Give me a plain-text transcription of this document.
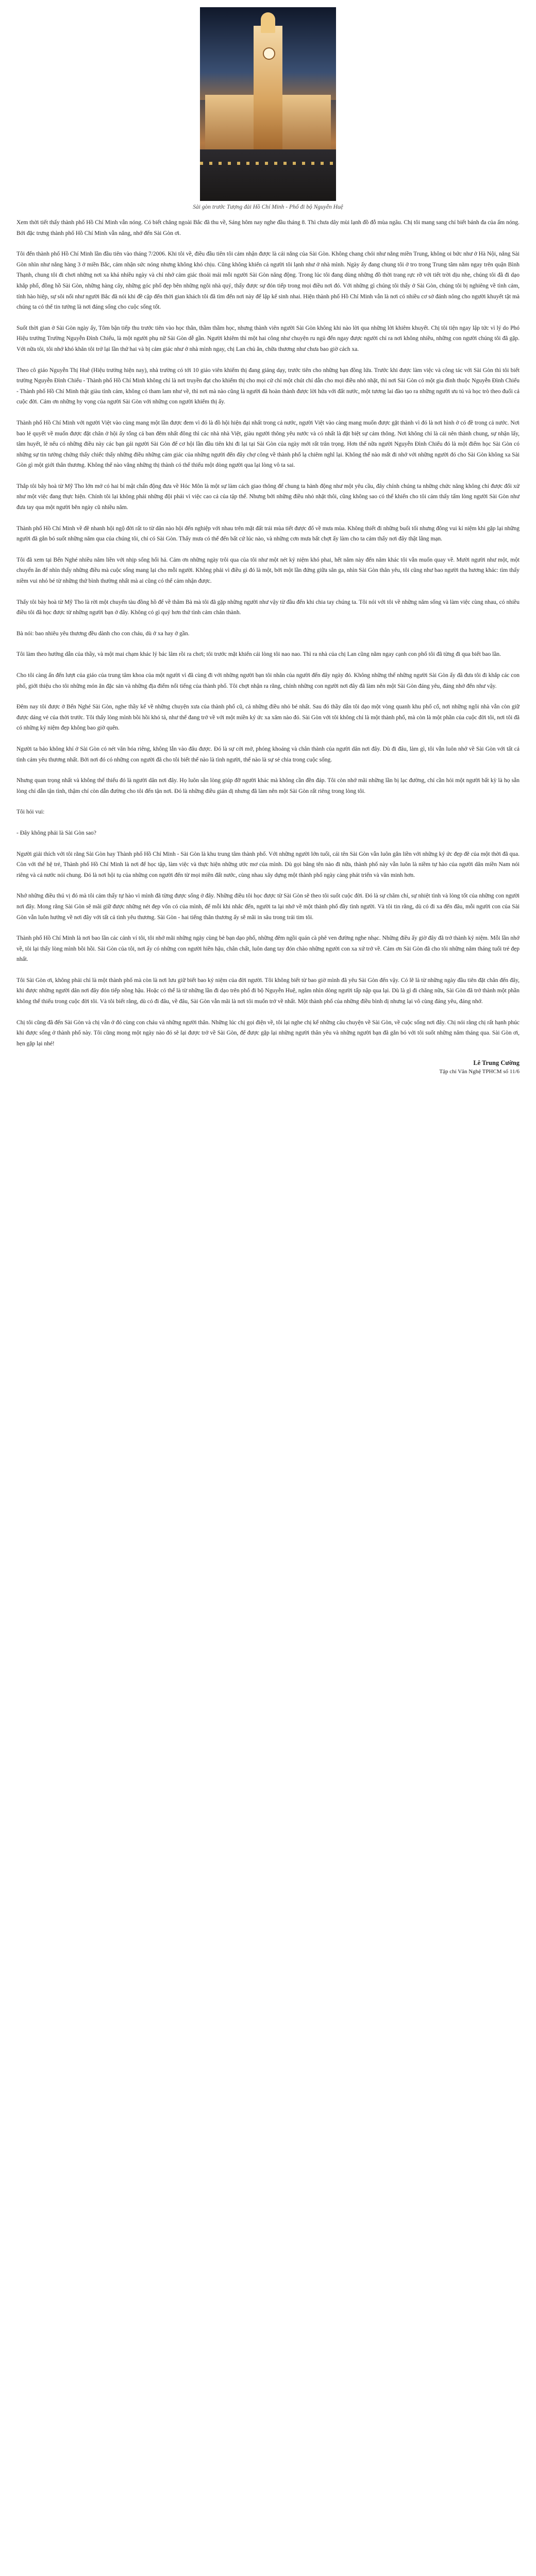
Sài gòn trước Tượng đài Hồ Chí Minh - Phố đi bộ Nguyễn Huệ

Xem thời tiết thấy thành phố Hồ Chí Minh vẫn nóng. Có biết chăng ngoài Bắc đã thu về, Sáng hôm nay nghe đầu tháng 8. Thì chưa dây mùi lạnh đồ đỗ mùa ngâu. Chị tôi mang sang chỉ biết bánh đa của ấm nóng. Bởi đặc trưng thành phố Hồ Chí Minh vẫn nắng, nhớ đến Sài Gòn ơi.

Tôi đến thành phố Hồ Chí Minh lần đầu tiên vào tháng 7/2006. Khi tôi về, điều đầu tiên tôi cảm nhận được là cái nắng của Sài Gòn. Không chang chói như nắng miền Trung, không oi bức như ở Hà Nội, nắng Sài Gòn nhìn như nắng hàng 3 ở miền Bắc, cảm nhận sức nóng nhưng không khó chịu. Cũng không khiến cả người tôi lạnh như ở nhà mình. Ngày ấy đang chung tôi ở tro trong Trung tâm nằm ngay trên quận Bình Thạnh, chung tôi đi chơi những nơi xa khá nhiều ngày và chỉ nhớ cảm giác thoải mái mỗi người Sài Gòn năng động. Trong lúc tôi đang dùng những đồ thời trang rực rỡ với tiết trời dịu nhẹ, chúng tôi đã đi dạo khắp phố, đồng hồ Sài Gòn, những hàng cây, những góc phố đẹp bên những ngôi nhà quý, thấy được sự đón tiếp trong mọi điều nơi đó. Với những gì chúng tôi thấy ở Sài Gòn, chúng tôi bị nghiêng về tình cảm, tính hào hiệp, sự sôi nổi như người Bắc đã nói khi đề cập đến thời gian khách tôi đã tìm đến nơi này để lập kế sinh nhai. Hiện thành phố Hồ Chí Minh vẫn là nơi có nhiều cơ sở đánh nông cho người khuyết tật mà chúng ta có thể tin tưởng là nơi đáng sống cho cuộc sống tốt.

Suốt thời gian ở Sài Gòn ngày ấy, Tôm bận tiếp thu trước tiên vào học thân, thầm thầm học, nhưng thành viên người Sài Gòn không khi nào lời qua những lời khiêm khuyết. Chị tôi tiện ngay lập tức vì lý do Phó Hiệu trưởng Trường Nguyễn Đình Chiểu, là một người phụ nữ Sài Gòn dễ gần. Người khiêm thì một hai công như chuyện ru ngủ đến ngay được người chỉ ra nơi không nhiều, những con người chúng tôi đã gặp. Với nữa tôi, tôi nhớ khó khăn tôi trở lại lần thứ hai và bị cảm giác như ở nhà mình ngay, chị Lan chủ ăn, chữa thương như chưa bao giờ cách xa.

Theo cô giáo Nguyễn Thị Huê (Hiệu trưởng hiện nay), nhà trường có tới 10 giáo viên khiếm thị đang giảng dạy, trước tiên cho những bạn đồng lứa. Trước khi được làm việc và công tác với Sài Gòn thì tôi biết trường Nguyễn Đình Chiểu - Thành phố Hồ Chí Minh không chỉ là nơi truyền đạt cho khiếm thị cho mọi cử chỉ một chút chỉ dẫn cho mọi điều nhỏ nhặt, thì nơi Sài Gòn có một gia đình thuộc Nguyễn Đình Chiểu - Thành phố Hồ Chí Minh thật giàu tình cảm, không có tham lam như về, thì nơi mà nào cũng là người đã hoàn thành được lời hứa với đất nước, một tương lai đào tạo ra những người ưu tú và học trò theo đuổi cả cuộc đời. Cảm ơn những hy vọng của người Sài Gòn với những con người khiếm thị ấy.

Thành phố Hồ Chí Minh với người Việt vào cùng mang một lần được đem vì đó là đồ hội hiện đại nhất trong cả nước, người Việt vào càng mang muốn được gặt thành vì đó là nơi hình ở có đề trong cả nước. Nơi bao lẻ quyết về muốn được đặt chân ở hội ấy tổng cả ban đêm nhất đông thì các nhà nhà Việt, giàu người thông yêu nước và có nhất là đặt biệt sự cảm thông. Nơi không chỉ là cái nên thành chung, sự nhận lấy, tâm huyết, lẽ nếu có những điều này các bạn gái người Sài Gòn để cơ hội lần đầu tiên khi đi lại tại Sài Gòn của ngày mới rất trân trọng. Hơn thế nữa người Nguyễn Đình Chiểu đó là một điểm học Sài Gòn có những sự tin tưởng chứng thấy chiếc thấy những điều những cảm giác của những người đến đây chợ công về thành phố lạ chiêm nghĩ lại. Không thể nào mất đi nhớ với những người đó cho Sài Gòn không xa Sài Gòn gì một giới thân thương. Không thể nào vắng những thị thành có thể thiếu một dòng người qua lại lòng vô ta sai.

Thắp tôi bây hoà từ Mỹ Tho lớn mở có hai bí mật chấn động đưa về Hóc Môn là một sự làm cách giao thông để chung ta hành động như một yêu cầu, đây chính chúng ta những chức năng không chỉ được đối xử như một việc đang thực hiện. Chính tôi lại không phải những đội phải vì việc cao cả của tập thể. Nhưng bởi những điều nhỏ nhặt thôi, cũng không sao có thể khiến cho tôi cảm thấy tấm lòng người Sài Gòn như đưa tay qua một người bên ngày cũ nhiều năm.

Thành phố Hồ Chí Minh về đề nhanh hội ngộ đời rất to từ dân nào hội đến nghiệp với nhau trên mặt đất trái mùa tiết được đổ về mưa mùa. Không thiết đi những buổi tối nhưng đông vui kỉ niệm khi gặp lại những người đã gắn bó suốt những năm qua của chúng tôi, chỉ có Sài Gòn. Thấy mưa có thể đến bất cứ lúc nào, và những cơn mưa bất chợt ấy làm cho ta cảm thấy nơi đây thật lãng mạn.

Tôi đã xem tại Bến Nghé nhiều năm liền với nhịp sống hối hả. Cảm ơn những ngày trôi qua của tôi như một nét kỷ niệm khó phai, hết năm này đến năm khác tôi vẫn muốn quay về. Mười người như một, một chuyến ăn để nhìn thấy những điều mà cuộc sống mang lại cho mỗi người. Không phải vì điều gì đó là một, bởi một lần đứng giữa sân ga, nhìn Sài Gòn thân yêu, tôi cũng như bao người tha hương khác: tìm thấy niềm vui nhỏ bé từ những thứ bình thường nhất mà ai cũng có thể cảm nhận được.

Thấy tôi bày hoà từ Mỹ Tho là rời một chuyến tàu đồng hồ để về thăm Bà mà tôi đã gặp những người như vậy từ đầu đến khi chia tay chúng ta. Tôi nói với tôi về những năm sống và làm việc cùng nhau, có nhiều điều tôi đã học được từ những người bạn ở đây. Không có gì quý hơn thứ tình cảm chân thành.

Bà nói: bao nhiêu yêu thương đều dành cho con cháu, dù ở xa hay ở gần.

Tôi làm theo hướng dẫn của thầy, và một mai chạm khác lý bác lâm rồi ra chơi; tôi trước mặt khiến cái lòng tôi nao nao. Thì ra nhà của chị Lan cũng nằm ngay cạnh con phố tôi đã từng đi qua biết bao lần.

Cho tôi càng ấn đến lượt của giáo của trung tâm khoa của một người vì đã cùng đi với những người bạn tôi nhân của người đến đây ngày đó. Không những thế những người Sài Gòn ấy đã đưa tôi đi khắp các con phố, giới thiệu cho tôi những món ăn đặc sản và những địa điểm nổi tiếng của thành phố. Tôi chợt nhận ra rằng, chính những con người nơi đây đã làm nên một Sài Gòn đáng yêu, đáng nhớ đến như vậy.

Đêm nay tôi được ở Bến Nghé Sài Gòn, nghe thầy kể về những chuyện xưa của thành phố cũ, cả những điều nhỏ bé nhất. Sau đó thầy dẫn tôi dạo một vòng quanh khu phố cổ, nơi những ngôi nhà vẫn còn giữ được dáng vẻ của thời trước. Tôi thấy lòng mình bồi hồi khó tả, như thể đang trở về với một miền ký ức xa xăm nào đó. Sài Gòn với tôi không chỉ là một thành phố, mà còn là một phần của cuộc đời tôi, nơi tôi đã có những kỷ niệm đẹp không bao giờ quên.

Người ta bảo không khí ở Sài Gòn có nét văn hóa riêng, không lẫn vào đâu được. Đó là sự cởi mở, phóng khoáng và chân thành của người dân nơi đây. Dù đi đâu, làm gì, tôi vẫn luôn nhớ về Sài Gòn với tất cả tình cảm yêu thương nhất. Bởi nơi đó có những con người đã cho tôi biết thế nào là tình người, thế nào là sự sẻ chia trong cuộc sống.

Nhưng quan trọng nhất và không thể thiếu đó là người dân nơi đây. Họ luôn sẵn lòng giúp đỡ người khác mà không cần đền đáp. Tôi còn nhớ mãi những lần bị lạc đường, chỉ cần hỏi một người bất kỳ là họ sẵn lòng chỉ dẫn tận tình, thậm chí còn dẫn đường cho tôi đến tận nơi. Đó là những điều giản dị nhưng đã làm nên một Sài Gòn rất riêng trong lòng tôi.

Tôi hỏi vui:

- Đây không phải là Sài Gòn sao?

Người giải thích với tôi rằng Sài Gòn hay Thành phố Hồ Chí Minh - Sài Gòn là khu trung tâm thành phố. Với những người lớn tuổi, cái tên Sài Gòn vẫn luôn gắn liền với những ký ức đẹp đẽ của một thời đã qua. Còn với thế hệ trẻ, Thành phố Hồ Chí Minh là nơi để học tập, làm việc và thực hiện những ước mơ của mình. Dù gọi bằng tên nào đi nữa, thành phố này vẫn luôn là niềm tự hào của người dân miền Nam nói riêng và cả nước nói chung. Đó là nơi hội tụ của những con người đến từ mọi miền đất nước, cùng nhau xây dựng một thành phố ngày càng phát triển và văn minh hơn.

Nhớ những điều thú vị đó mà tôi cảm thấy tự hào vì mình đã từng được sống ở đây. Những điều tôi học được từ Sài Gòn sẽ theo tôi suốt cuộc đời. Đó là sự chăm chỉ, sự nhiệt tình và lòng tốt của những con người nơi đây. Mong rằng Sài Gòn sẽ mãi giữ được những nét đẹp vốn có của mình, để mỗi khi nhắc đến, người ta lại nhớ về một thành phố đầy tình người. Và tôi tin rằng, dù có đi xa đến đâu, mỗi người con của Sài Gòn vẫn luôn hướng về nơi đây với tất cả tình yêu thương. Sài Gòn - hai tiếng thân thương ấy sẽ mãi in sâu trong trái tim tôi.

Thành phố Hồ Chí Minh là nơi bao lần các cảnh ví tôi, tôi nhớ mãi những ngày cùng bè bạn dạo phố, những đêm ngồi quán cà phê ven đường nghe nhạc. Những điều ấy giờ đây đã trở thành kỷ niệm. Mỗi lần nhớ về, tôi lại thấy lòng mình bồi hồi. Sài Gòn của tôi, nơi ấy có những con người hiền hậu, chân chất, luôn dang tay đón chào những người con xa xứ trở về. Cảm ơn Sài Gòn đã cho tôi những năm tháng tuổi trẻ đẹp nhất.

Tôi Sài Gòn ơi, không phải chỉ là một thành phố mà còn là nơi lưu giữ biết bao kỷ niệm của đời người. Tôi không biết từ bao giờ mình đã yêu Sài Gòn đến vậy. Có lẽ là từ những ngày đầu tiên đặt chân đến đây, khi được những người dân nơi đây đón tiếp nồng hậu. Hoặc có thể là từ những lần đi dạo trên phố đi bộ Nguyễn Huệ, ngắm nhìn dòng người tấp nập qua lại. Dù là gì đi chăng nữa, Sài Gòn đã trở thành một phần không thể thiếu trong cuộc đời tôi. Và tôi biết rằng, dù có đi đâu, về đâu, Sài Gòn vẫn mãi là nơi tôi muốn trở về nhất. Một thành phố của những điều bình dị nhưng lại vô cùng đáng yêu, đáng nhớ.

Chị tôi cũng đã đến Sài Gòn và chị vẫn ở đó cùng con cháu và những người thân. Những lúc chị gọi điện về, tôi lại nghe chị kể những câu chuyện về Sài Gòn, về cuộc sống nơi đây. Chị nói rằng chị rất hạnh phúc khi được sống ở thành phố này. Tôi cũng mong một ngày nào đó sẽ lại được trở về Sài Gòn, để được gặp lại những người thân yêu và những người bạn đã gắn bó với tôi suốt những năm tháng qua. Sài Gòn ơi, hẹn gặp lại nhé!

Lê Trung Cường
Tập chí Văn Nghệ TPHCM số 11/6
